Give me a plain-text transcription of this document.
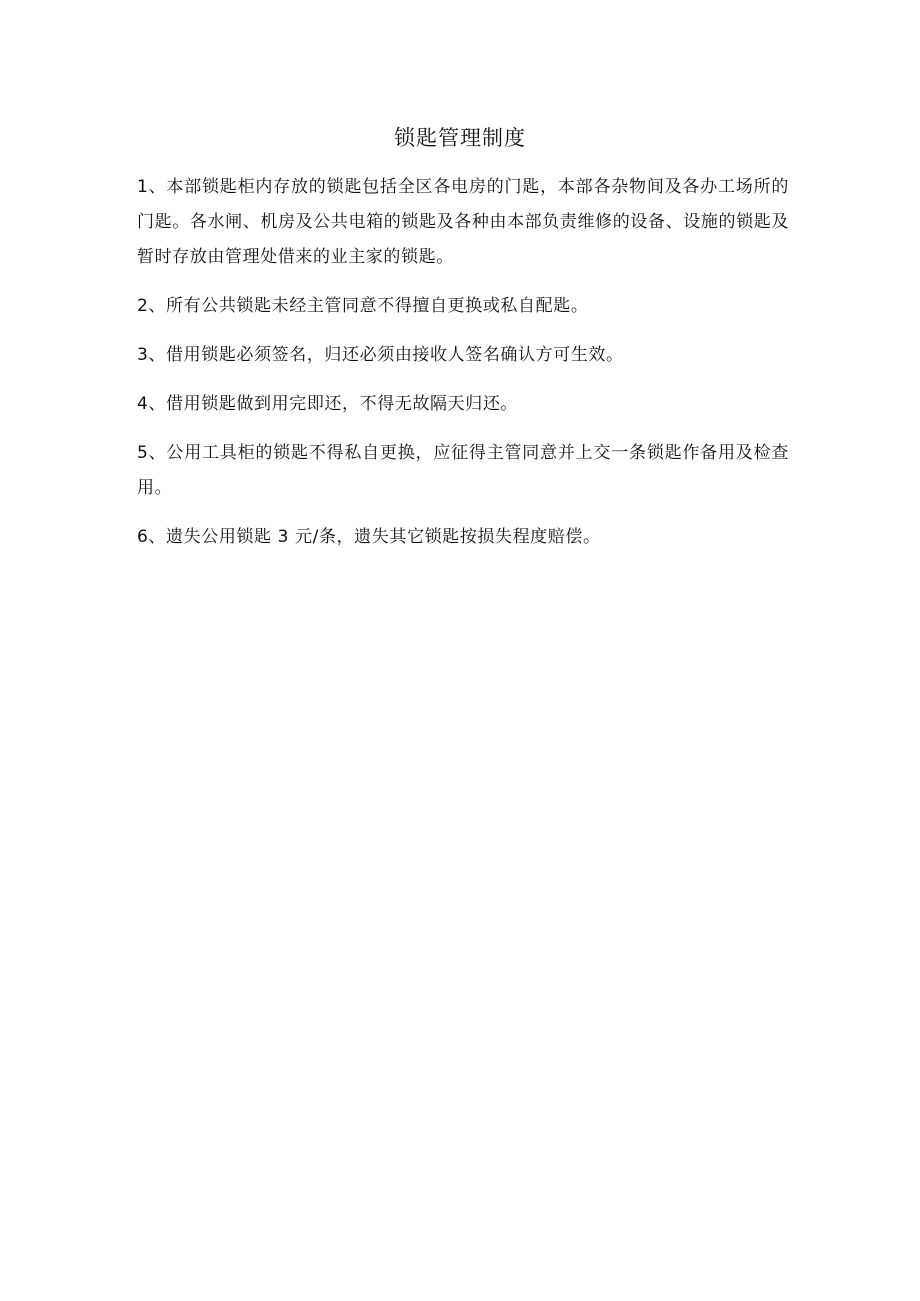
锁匙管理制度
1、本部锁匙柜内存放的锁匙包括全区各电房的门匙，本部各杂物间及各办工场所的门匙。各水闸、机房及公共电箱的锁匙及各种由本部负责维修的设备、设施的锁匙及暂时存放由管理处借来的业主家的锁匙。
2、所有公共锁匙未经主管同意不得擅自更换或私自配匙。
3、借用锁匙必须签名，归还必须由接收人签名确认方可生效。
4、借用锁匙做到用完即还，不得无故隔天归还。
5、公用工具柜的锁匙不得私自更换，应征得主管同意并上交一条锁匙作备用及检查用。
6、遗失公用锁匙 3 元/条，遗失其它锁匙按损失程度赔偿。
